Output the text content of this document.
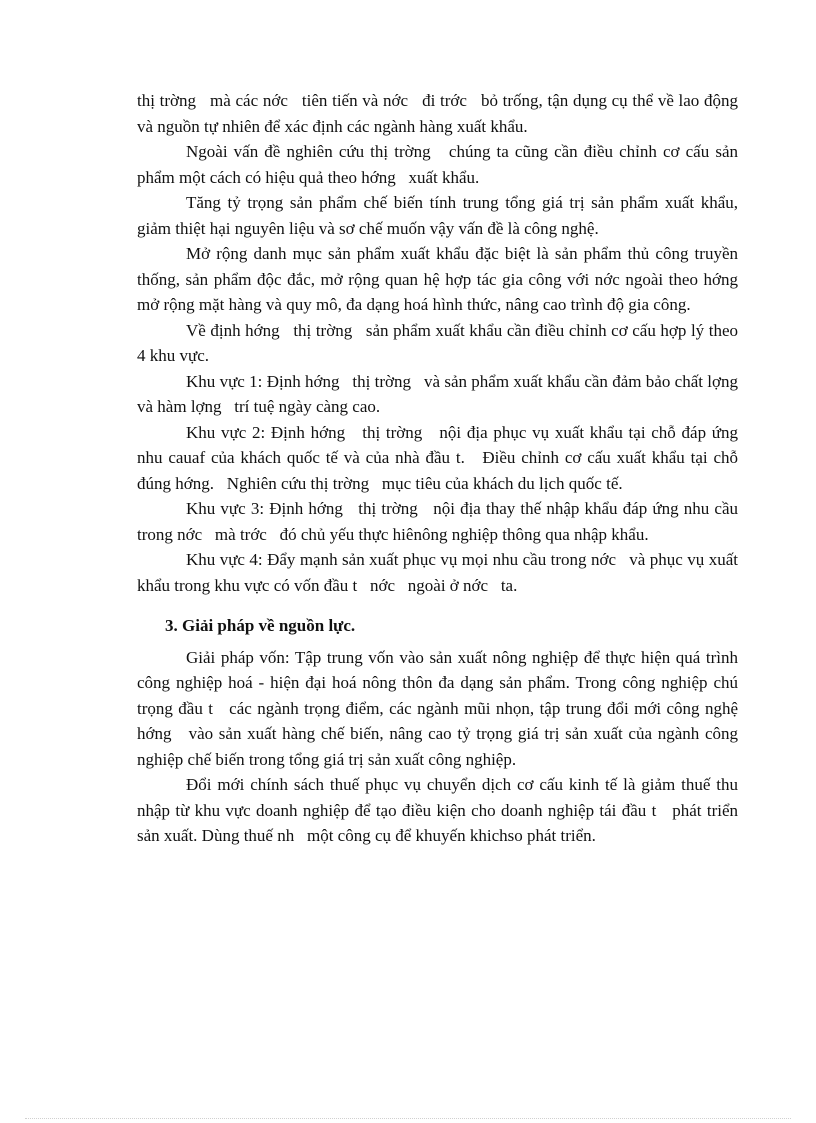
thị trờng   mà các nớc   tiên tiến và nớc   đi trớc   bỏ trống, tận dụng cụ thể về lao động và nguồn tự nhiên để xác định các ngành hàng xuất khẩu.

Ngoài vấn đề nghiên cứu thị trờng   chúng ta cũng cần điều chỉnh cơ cấu sản phẩm một cách có hiệu quả theo hớng   xuất khẩu.

Tăng tỷ trọng sản phẩm chế biến tính trung tổng giá trị sản phẩm xuất khẩu, giảm thiệt hại nguyên liệu và sơ chế muốn vậy vấn đề là công nghệ.

Mở rộng danh mục sản phẩm xuất khẩu đặc biệt là sản phẩm thủ công truyền thống, sản phẩm độc đắc, mở rộng quan hệ hợp tác gia công với nớc ngoài theo hớng   mở rộng mặt hàng và quy mô, đa dạng hoá hình thức, nâng cao trình độ gia công.

Về định hớng   thị trờng   sản phẩm xuất khẩu cần điều chỉnh cơ cấu hợp lý theo 4 khu vực.

Khu vực 1: Định hớng   thị trờng   và sản phẩm xuất khẩu cần đảm bảo chất lợng   và hàm lợng   trí tuệ ngày càng cao.

Khu vực 2: Định hớng   thị trờng   nội địa phục vụ xuất khẩu tại chỗ đáp ứng nhu cauaf của khách quốc tế và của nhà đầu t.   Điều chỉnh cơ cấu xuất khẩu tại chỗ đúng hớng.   Nghiên cứu thị trờng   mục tiêu của khách du lịch quốc tế.

Khu vực 3: Định hớng   thị trờng   nội địa thay thế nhập khẩu đáp ứng nhu cầu trong nớc   mà trớc   đó chủ yếu thực hiênông nghiệp thông qua nhập khẩu.

Khu vực 4: Đẩy mạnh sản xuất phục vụ mọi nhu cầu trong nớc   và phục vụ xuất khẩu trong khu vực có vốn đầu t   nớc   ngoài ở nớc   ta.

3. Giải pháp về nguồn lực.

Giải pháp vốn: Tập trung vốn vào sản xuất nông nghiệp để thực hiện quá trình công nghiệp hoá - hiện đại hoá nông thôn đa dạng sản phẩm. Trong công nghiệp chú trọng đầu t   các ngành trọng điểm, các ngành mũi nhọn, tập trung đổi mới công nghệ hớng   vào sản xuất hàng chế biến, nâng cao tỷ trọng giá trị sản xuất của ngành công nghiệp chế biến trong tổng giá trị sản xuất công nghiệp.

Đổi mới chính sách thuế phục vụ chuyển dịch cơ cấu kinh tế là giảm thuế thu nhập từ khu vực doanh nghiệp để tạo điều kiện cho doanh nghiệp tái đầu t   phát triển sản xuất. Dùng thuế nh   một công cụ để khuyến khichso phát triển.
